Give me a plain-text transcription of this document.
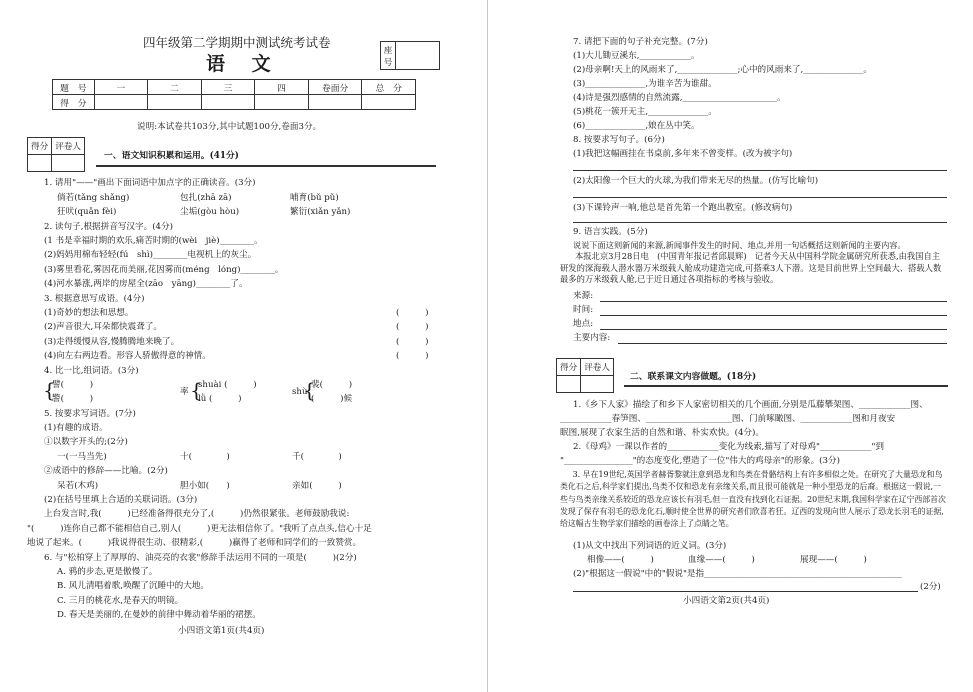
四年级第二学期期中测试统考试卷
语 文
座号
题　号	一	二	三	四	卷面分	总　分
得　分						
说明:本试卷共103分,其中试题100分,卷面3分。
得分	评卷人

一、语文知识积累和运用。(41分)
1. 请用"——"画出下面词语中加点字的正确读音。(3分)
倘若(tǎng shǎng)	包扎(zhā zā)	哺育(bǔ pǔ)
狂吠(quǎn fèi)	尘垢(gòu hòu)	繁衍(xiǎn yǎn)
2. 读句子,根据拼音写汉字。(4分)
(1 书是幸福时期的欢乐,痛苦时期的(wèi　jiè)________。
(2)妈妈用棉布轻轻(fú　shì)________电视机上的灰尘。
(3)雾里看花,雾因花而美丽,花因雾而(méng　lóng)________。
(4)河水暴涨,两岸的房屋全(zāo　yāng)________了。
3. 根据意思写成语。(4分)
(1)奇妙的想法和思想。	(　　　)
(2)声音很大,耳朵都快震聋了。	(　　　)
(3)走得缓慢从容,慢腾腾地来晚了。	(　　　)
(4)向左右两边看。形容人骄傲得意的神情。	(　　　)
4. 比一比,组词语。(3分)
{
譬(　　　)
警(　　　)
率 {
shuài (　　　)
lǜ (　　　)
shù
{
裴(　　　)
(　　　)候
5. 按要求写词语。(7分)
(1)有趣的成语。
①以数字开头的;(2分)
一(一马当先)	十(　　　　)	千(　　　　)
②成语中的修辞——比喻。(2分)
呆若(木鸡)	胆小如(　　)	亲如(　　　)
(2)在括号里填上合适的关联词语。(3分)
上台发言时,我(　　　)已经准备得很充分了,(　　　)仍然很紧张。老师鼓励我说:
"(　　　)连你自己都不能相信自己,别人(　　　)更无法相信你了。"我听了点点头,信心十足
地说了起来。(　　　)我说得很生动、很精彩,(　　　)赢得了老师和同学们的一致赞赏。
6. 与"松柏穿上了厚厚的、油亮亮的衣裳"修辞手法运用不同的一项是(　　　)(2分)
A. 鸦的步态,更是傲慢了。
B. 风儿清唱着歌,唤醒了沉睡中的大地。
C. 三月的桃花水,是春天的明镜。
D. 春天是美丽的,在曼妙的前律中舞动着华丽的裙摆。
小四语文第1页(共4页)
7. 请把下面的句子补充完整。(7分)
(1)大儿锄豆溪东,____________。
(2)母亲啊!天上的风雨来了,______________;心中的风雨来了,______________。
(3)______________,为谁辛苦为谁甜。
(4)诗是强烈感情的自然流露,______________________。
(5)桃花一簇开无主,______________。
(6)______________,娘在丛中笑。
8. 按要求写句子。(6分)
(1)我把这幅画挂在书桌前,多年来不曾变样。(改为被字句)
(2)太阳像一个巨大的火球,为我们带来无尽的热量。(仿写比喻句)
(3)下课铃声一响,他总是首先第一个跑出教室。(修改病句)
9. 语言实践。(5分)
说说下面这则新闻的来源,新闻事件发生的时间、地点,并用一句话概括这则新闻的主要内容。
本报北京3月28日电　(中国青年报记者邱晨辉)　记者今天从中国科学院金属研究所获悉,由我国自主研发的深海载人潜水器万米级载人舱成功建造完成,可搭乘3人下潜。这是目前世界上空间最大、搭载人数最多的万米级载人舱,已于近日通过各项指标的考核与验收。
来源:
时间:
地点:
主要内容:
得分	评卷人

二、联系课文内容做题。(18分)
1.《乡下人家》描绘了和乡下人家密切相关的几个画面,分别是瓜藤攀架图、____________图、
____________春笋图、____________________图、门前啄瞰图、____________图和月夜安
眠图,展现了农家生活的自然和谐、朴实欢快。(4分)。
2.《母鸡》一课以作者的____________变化为线索,描写了对母鸡"____________"到
"________________"的态度变化,塑造了一位"伟大的鸡母亲"的形象。(3分)
3. 早在19世纪,英国学者赫胥黎就注意到恐龙和鸟类在骨骼结构上有许多相似之处。在研究了大量恐龙和鸟类化石之后,科学家们提出,鸟类不仅和恐龙有亲缘关系,而且很可能就是一种小型恐龙的后裔。根据这一假说,一些与鸟类亲缘关系较近的恐龙应该长有羽毛,但一直没有找到化石证据。20世纪末期,我国科学家在辽宁西部首次发现了保存有羽毛的恐龙化石,顺时使全世界的研究者们欣喜若狂。辽西的发现向世人展示了恐龙长羽毛的证据,给这幅古生物学家们描绘的画卷涂上了点睛之笔。
(1)从文中找出下列词语的近义词。(3分)
相像——(　　　)	血缘——(　　　)	展现——(　　　)
(2)"根据这一假说"中的"假说"是指______________________________________________
(2分)
小四语文第2页(共4页)
